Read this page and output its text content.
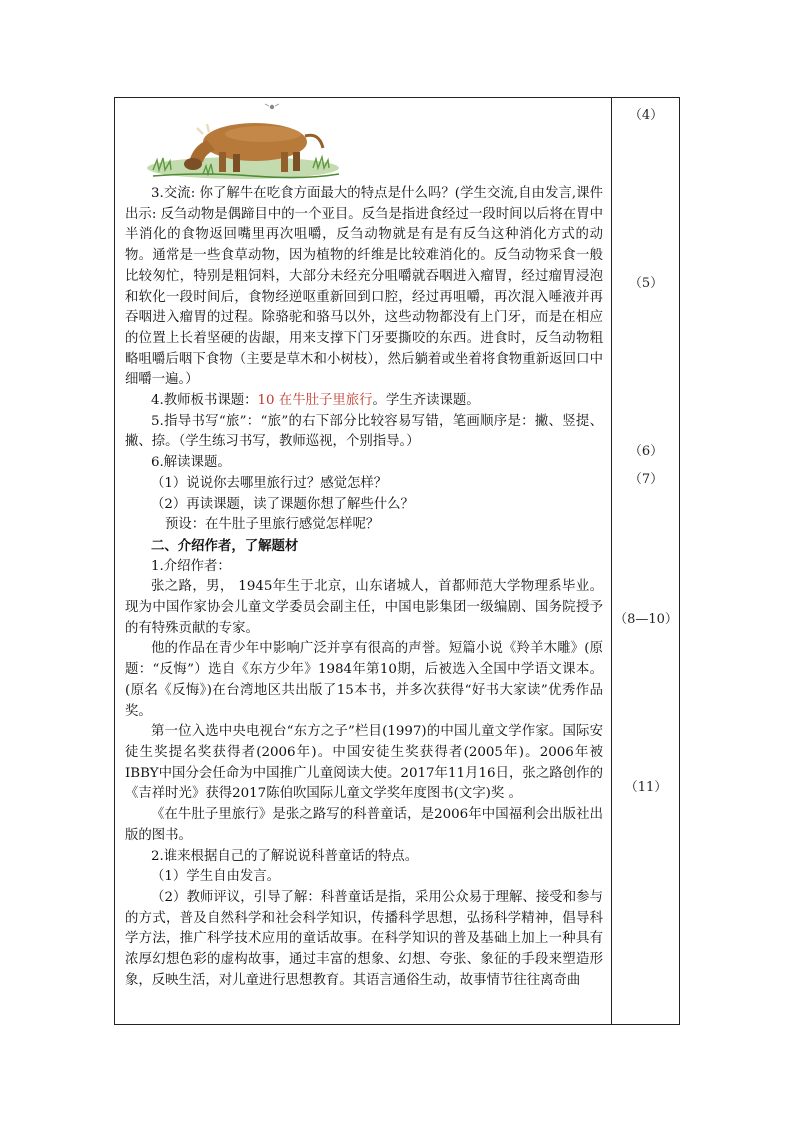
3.交流: 你了解牛在吃食方面最大的特点是什么吗？(学生交流,自由发言,课件出示: 反刍动物是偶蹄目中的一个亚目。反刍是指进食经过一段时间以后将在胃中半消化的食物返回嘴里再次咀嚼，反刍动物就是有是有反刍这种消化方式的动物。通常是一些食草动物，因为植物的纤维是比较难消化的。反刍动物采食一般比较匆忙，特别是粗饲料，大部分未经充分咀嚼就吞咽进入瘤胃，经过瘤胃浸泡和软化一段时间后，食物经逆呕重新回到口腔，经过再咀嚼，再次混入唾液并再吞咽进入瘤胃的过程。除骆驼和骆马以外，这些动物都没有上门牙，而是在相应的位置上长着坚硬的齿龈，用来支撑下门牙要撕咬的东西。进食时，反刍动物粗略咀嚼后咽下食物（主要是草木和小树枝），然后躺着或坐着将食物重新返回口中细嚼一遍。）

4.教师板书课题：10 在牛肚子里旅行。学生齐读课题。

5.指导书写“旅”：“旅”的右下部分比较容易写错，笔画顺序是：撇、竖提、撇、捺。（学生练习书写，教师巡视，个别指导。）

6.解读课题。

（1）说说你去哪里旅行过？感觉怎样？

（2）再读课题，读了课题你想了解些什么？

预设：在牛肚子里旅行感觉怎样呢？

二、介绍作者，了解题材

1.介绍作者：

张之路，男， 1945年生于北京，山东诸城人，首都师范大学物理系毕业。现为中国作家协会儿童文学委员会副主任，中国电影集团一级编剧、国务院授予的有特殊贡献的专家。

他的作品在青少年中影响广泛并享有很高的声誉。短篇小说《羚羊木雕》(原题：“反悔”）选自《东方少年》1984年第10期，后被选入全国中学语文课本。(原名《反悔》)在台湾地区共出版了15本书，并多次获得“好书大家读”优秀作品奖。

第一位入选中央电视台“东方之子”栏目(1997)的中国儿童文学作家。国际安徒生奖提名奖获得者(2006年)。中国安徒生奖获得者(2005年)。2006年被IBBY中国分会任命为中国推广儿童阅读大使。2017年11月16日，张之路创作的《吉祥时光》获得2017陈伯吹国际儿童文学奖年度图书(文字)奖 。

《在牛肚子里旅行》是张之路写的科普童话，是2006年中国福利会出版社出版的图书。

2.谁来根据自己的了解说说科普童话的特点。

（1）学生自由发言。

（2）教师评议，引导了解：科普童话是指，采用公众易于理解、接受和参与的方式，普及自然科学和社会科学知识，传播科学思想，弘扬科学精神，倡导科学方法，推广科学技术应用的童话故事。在科学知识的普及基础上加上一种具有浓厚幻想色彩的虚构故事，通过丰富的想象、幻想、夸张、象征的手段来塑造形象，反映生活，对儿童进行思想教育。其语言通俗生动，故事情节往往离奇曲

（4）
（5）
（6）
（7）
（8—10）
（11）
